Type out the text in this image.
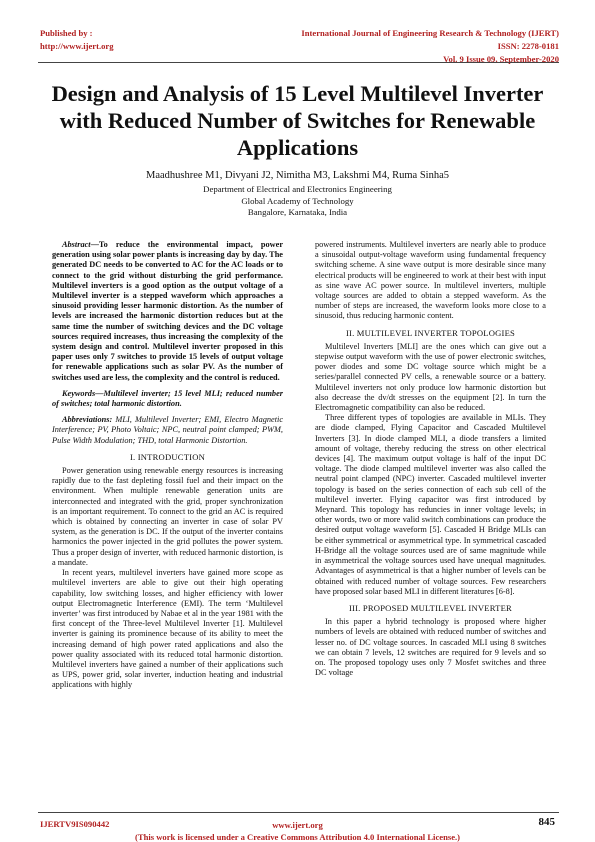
Published by :
http://www.ijert.org
International Journal of Engineering Research & Technology (IJERT)
ISSN: 2278-0181
Vol. 9 Issue 09, September-2020
Design and Analysis of 15 Level Multilevel Inverter with Reduced Number of Switches for Renewable Applications
Maadhushree M1, Divyani J2, Nimitha M3, Lakshmi M4, Ruma Sinha5
Department of Electrical and Electronics Engineering
Global Academy of Technology
Bangalore, Karnataka, India

Abstract—To reduce the environmental impact, power generation using solar power plants is increasing day by day. The generated DC needs to be converted to AC for the AC loads or to connect to the grid without disturbing the grid performance. Multilevel inverters is a good option as the output voltage of a Multilevel inverter is a stepped waveform which approaches a sinusoid providing lesser harmonic distortion. As the number of levels are increased the harmonic distortion reduces but at the same time the number of switching devices and the DC voltage sources required increases, thus increasing the complexity of the system design and control. Multilevel inverter proposed in this paper uses only 7 switches to provide 15 levels of output voltage for renewable applications such as solar PV. As the number of switches used are less, the complexity and the control is reduced.

Keywords—Multilevel inverter; 15 level MLI; reduced number of switches; total harmonic distortion.

Abbreviations: MLI, Multilevel Inverter; EMI, Electro Magnetic Interference; PV, Photo Voltaic; NPC, neutral point clamped; PWM, Pulse Width Modulation; THD, total Harmonic Distortion.

I. INTRODUCTION

Power generation using renewable energy resources is increasing rapidly due to the fast depleting fossil fuel and their impact on the environment. When multiple renewable generation units are interconnected and integrated with the grid, proper synchronization is an important requirement. To connect to the grid an AC is required which is obtained by connecting an inverter in case of solar PV system, as the generation is DC. If the output of the inverter contains harmonics the power injected in the grid pollutes the power system. Thus a proper design of inverter, with reduced harmonic distortion, is a mandate.

In recent years, multilevel inverters have gained more scope as multilevel inverters are able to give out their high operating capability, low switching losses, and higher efficiency with lower output Electromagnetic Interference (EMI). The term ‘Multilevel inverter’ was first introduced by Nabae et al in the year 1981 with the first concept of the Three-level Multilevel Inverter [1]. Multilevel inverter is gaining its prominence because of its ability to meet the increasing demand of high power rated applications and also the power quality associated with its reduced total harmonic distortion. Multilevel inverters have gained a number of their applications such as UPS, power grid, solar inverter, induction heating and industrial applications with highly

powered instruments. Multilevel inverters are nearly able to produce a sinusoidal output-voltage waveform using fundamental frequency switching scheme. A sine wave output is more desirable since many electrical products will be engineered to work at their best with input as sine wave AC power source. In multilevel inverters, multiple voltage sources are added to obtain a stepped waveform. As the number of steps are increased, the waveform looks more close to a sinusoid, thus reducing harmonic content.

II. MULTILEVEL INVERTER TOPOLOGIES

Multilevel Inverters [MLI] are the ones which can give out a stepwise output waveform with the use of power electronic switches, power diodes and some DC voltage source which might be a series/parallel connected PV cells, a renewable source or a battery. Multilevel inverters not only produce low harmonic distortion but also decrease the dv/dt stresses on the equipment [2]. In turn the Electromagnetic compatibility can also be reduced.

Three different types of topologies are available in MLIs. They are diode clamped, Flying Capacitor and Cascaded Multilevel Inverters [3]. In diode clamped MLI, a diode transfers a limited amount of voltage, thereby reducing the stress on other electrical devices [4]. The maximum output voltage is half of the input DC voltage. The diode clamped multilevel inverter was also called the neutral point clamped (NPC) inverter. Cascaded multilevel inverter topology is based on the series connection of each sub cell of the multilevel inverter. Flying capacitor was first introduced by Meynard. This topology has reduncies in inner voltage levels; in other words, two or more valid switch combinations can produce the desired output voltage waveform [5]. Cascaded H Bridge MLIs can be either symmetrical or asymmetrical type. In symmetrical cascaded H-Bridge all the voltage sources used are of same magnitude while in asymmetrical the voltage sources used have unequal magnitudes. Advantages of asymmetrical is that a higher number of levels can be obtained with reduced number of voltage sources. Few researchers have proposed solar based MLI in different literatures [6-8].

III. PROPOSED MULTILEVEL INVERTER

In this paper a hybrid technology is proposed where higher numbers of levels are obtained with reduced number of switches and lesser no. of DC voltage sources. In cascaded MLI using 8 switches we can obtain 7 levels, 12 switches are required for 9 levels and so on. The proposed topology uses only 7 Mosfet switches and three DC voltage

IJERTV9IS090442	www.ijert.org
(This work is licensed under a Creative Commons Attribution 4.0 International License.)
845
